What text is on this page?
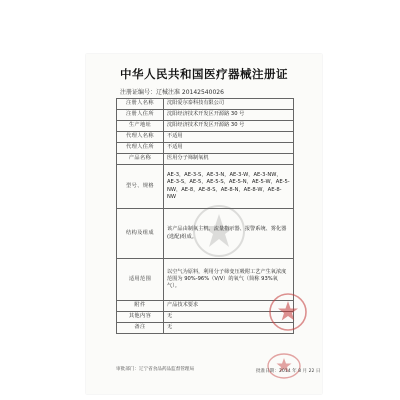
中华人民共和国医疗器械注册证
注册证编号： 辽械注准 20142540026
注册人名称	沈阳爱尔泰科技有限公司
注册人住所	沈阳经济技术开发区开源路 30 号
生产地址	沈阳经济技术开发区开源路 30 号
代理人名称	不适用
代理人住所	不适用
产品名称	医用分子筛制氧机
型号、规格	AE-3，AE-3-S，AE-3-N，AE-3-W，AE-3-NW，AE-3-S，AE-5，AE-5-S，AE-5-N，AE-5-W，AE-5-NW，AE-8，AE-8-S，AE-8-N，AE-8-W，AE-8-NW
结构及组成	该产品由制氧主机、流量指示器、报警系统、雾化器(选配)组成。
适用范围	以空气为原料，利用分子筛变压吸附工艺产生氧浓度范围为 90%-96%（V/V）的氧气（简称 93%氧气）。
附件	产品技术要求
其他内容	无
备注	无
审批部门：辽宁省食品药品监督管理局	批准日期：2014 年 8 月 22 日
